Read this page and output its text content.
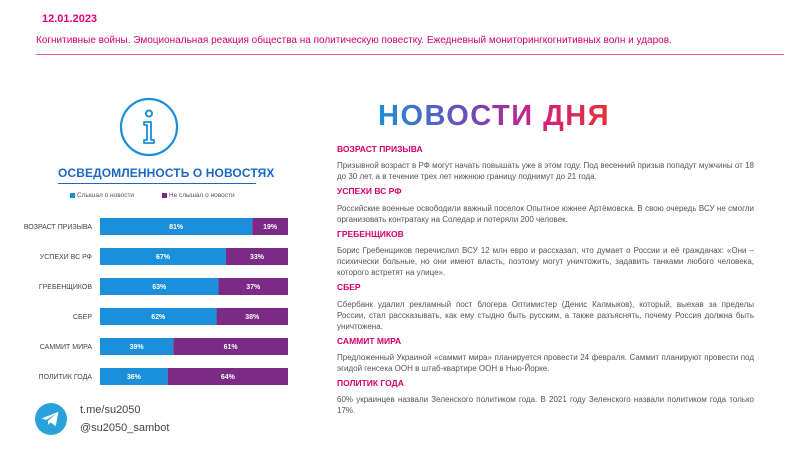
12.01.2023
Когнитивные войны. Эмоциональная реакция общества на политическую повестку. Ежедневный мониторингкогнитивных волн и ударов.
ОСВЕДОМЛЕННОСТЬ О НОВОСТЯХ
Слышал о новости	Не слышал о новости
ВОЗРАСТ ПРИЗЫВА	81%	19%
УСПЕХИ ВС РФ	67%	33%
ГРЕБЕНЩИКОВ	63%	37%
СБЕР	62%	38%
САММИТ МИРА	39%	61%
ПОЛИТИК ГОДА	36%	64%
t.me/su2050
@su2050_sambot
НОВОСТИ ДНЯ
ВОЗРАСТ ПРИЗЫВА
Призывной возраст в РФ могут начать повышать уже в этом году. Под весенний призыв попадут мужчины от 18 до 30 лет, а в течение трех лет нижнюю границу поднимут до 21 года.
УСПЕХИ ВС РФ
Российские военные освободили важный поселок Опытное южнее Артёмовска. В свою очередь ВСУ не смогли организовать контратаку на Соледар и потеряли 200 человек.
ГРЕБЕНЩИКОВ
Борис Гребенщиков перечислил ВСУ 12 млн евро и рассказал, что думает о России и её гражданах: «Они – психически больные, но они имеют власть, поэтому могут уничтожить, задавить танками любого человека, которого встретят на улице».
СБЕР
Сбербанк удалил рекламный пост блогера Оптимистер (Денис Калмыков), который, выехав за пределы России, стал рассказывать, как ему стыдно быть русским, а также разъяснять, почему Россия должна быть уничтожена.
САММИТ МИРА
Предложенный Украиной «саммит мира» планируется провести 24 февраля. Саммит планируют провести под эгидой генсека ООН в штаб-квартире ООН в Нью-Йорке.
ПОЛИТИК ГОДА
60% украинцев назвали Зеленского политиком года. В 2021 году Зеленского назвали политиком года только 17%.
